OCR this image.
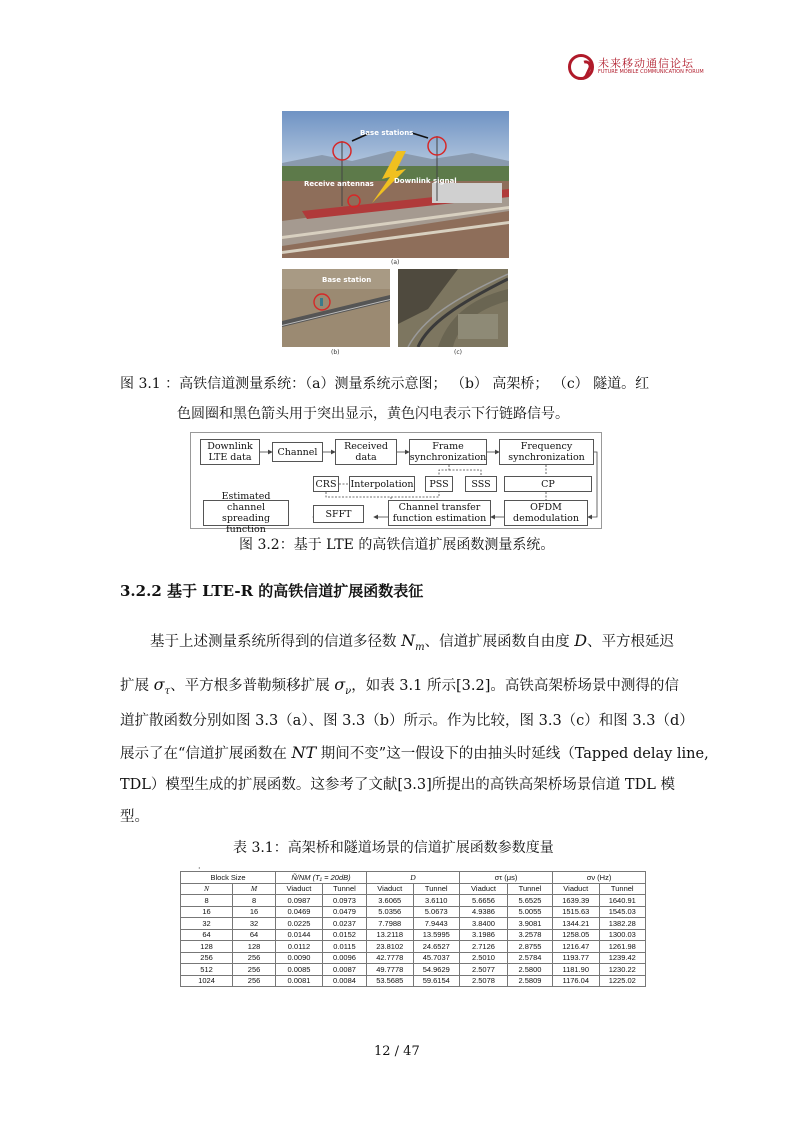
未来移动通信论坛
FUTURE MOBILE COMMUNICATION FORUM
Base stations
Receive antennas	Downlink signal
(a)
Base station
(b)	(c)
图 3.1 ：高铁信道测量系统：（a）测量系统示意图； （b） 高架桥； （c） 隧道。红
色圆圈和黑色箭头用于突出显示，黄色闪电表示下行链路信号。
Downlink LTE data	Channel	Received data
Frame synchronization
Frequency synchronization
CRS Interpolation	PSS	SSS	CP
Estimated channel spreading function
SFFT
Channel transfer function estimation
OFDM demodulation
图 3.2：基于 LTE 的高铁信道扩展函数测量系统。
3.2.2 基于 LTE-R 的高铁信道扩展函数表征
基于上述测量系统所得到的信道多径数 $N_m$、信道扩展函数自由度 D、平方根延迟
扩展 $\sigma_\tau$、平方根多普勒频移扩展 $\sigma_\nu$，如表 3.1 所示[3.2]。高铁高架桥场景中测得的信
道扩散函数分别如图 3.3（a）、图 3.3（b）所示。作为比较，图 3.3（c）和图 3.3（d）
展示了在“信道扩展函数在 NT 期间不变”这一假设下的由抽头时延线（Tapped delay line,
TDL）模型生成的扩展函数。这参考了文献[3.3]所提出的高铁高架桥场景信道 TDL 模
型。
表 3.1：高架桥和隧道场景的信道扩展函数参数度量
·
Block Size		Ñ/NM (T₁ = 20dB)		D		στ (μs)		σν (Hz)	
N	M	Viaduct	Tunnel	Viaduct	Tunnel	Viaduct	Tunnel	Viaduct	Tunnel
8	8	0.0987	0.0973	3.6065	3.6110	5.6656	5.6525	1639.39	1640.91
16	16	0.0469	0.0479	5.0356	5.0673	4.9386	5.0055	1515.63	1545.03
32	32	0.0225	0.0237	7.7988	7.9443	3.8400	3.9081	1344.21	1382.28
64	64	0.0144	0.0152	13.2118	13.5995	3.1986	3.2578	1258.05	1300.03
128	128	0.0112	0.0115	23.8102	24.6527	2.7126	2.8755	1216.47	1261.98
256	256	0.0090	0.0096	42.7778	45.7037	2.5010	2.5784	1193.77	1239.42
512	256	0.0085	0.0087	49.7778	54.9629	2.5077	2.5800	1181.90	1230.22
1024	256	0.0081	0.0084	53.5685	59.6154	2.5078	2.5809	1176.04	1225.02
12 / 47
